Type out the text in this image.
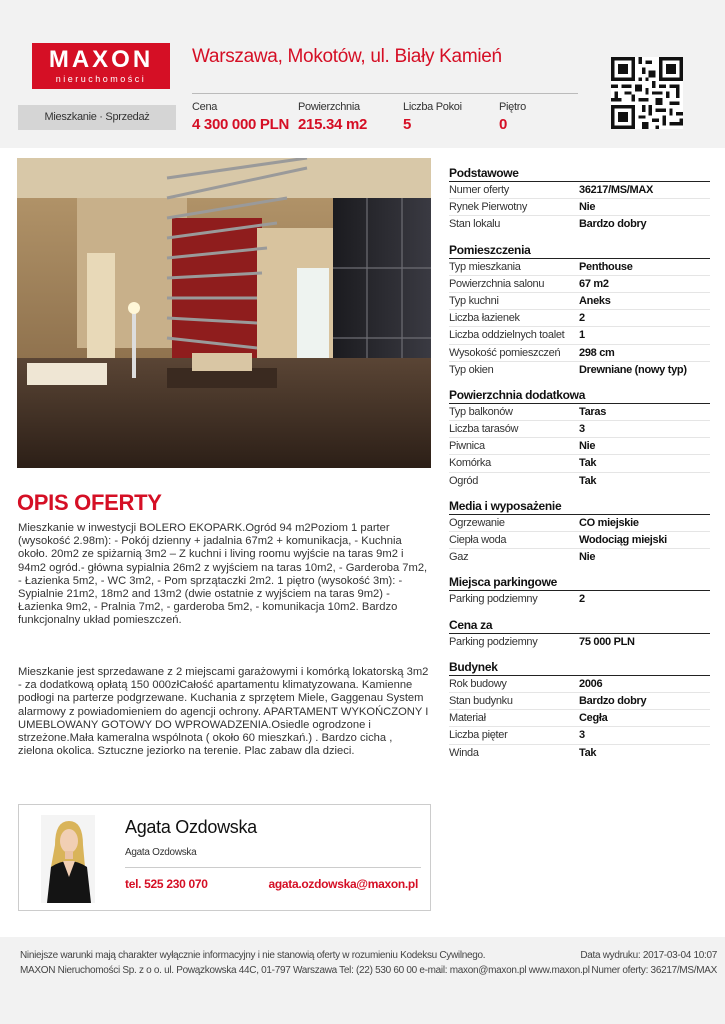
MAXON
nieruchomości
Warszawa, Mokotów, ul. Biały Kamień
Mieszkanie · Sprzedaż
Cena
4 300 000 PLN
Powierzchnia
215.34 m2
Liczba Pokoi
5
Piętro
0
OPIS OFERTY
Mieszkanie w inwestycji BOLERO EKOPARK.Ogród 94 m2Poziom 1 parter (wysokość 2.98m): - Pokój dzienny + jadalnia 67m2 + komunikacja, - Kuchnia około. 20m2 ze spiżarnią 3m2 – Z kuchni i living roomu wyjście na taras 9m2 i 94m2 ogród.- główna sypialnia 26m2 z wyjściem na taras 10m2, - Garderoba 7m2, - Łazienka 5m2, - WC 3m2, - Pom sprzątaczki 2m2. 1 piętro (wysokość 3m): - Sypialnie 21m2, 18m2 and 13m2 (dwie ostatnie z wyjściem na taras 9m2) - Łazienka 9m2, - Pralnia 7m2, - garderoba 5m2, - komunikacja 10m2. Bardzo funkcjonalny układ pomieszczeń.
Mieszkanie jest sprzedawane z 2 miejscami garażowymi i komórką lokatorską 3m2 - za dodatkową opłatą 150 000złCałość apartamentu klimatyzowana. Kamienne podłogi na parterze podgrzewane. Kuchania z sprzętem Miele, Gaggenau System alarmowy z powiadomieniem do agencji ochrony. APARTAMENT WYKOŃCZONY I UMEBLOWANY GOTOWY DO WPROWADZENIA.Osiedle ogrodzone i strzeżone.Mała kameralna wspólnota ( około 60 mieszkań.) . Bardzo cicha , zielona okolica. Sztuczne jeziorko na terenie. Plac zabaw dla dzieci.
Podstawowe
Numer oferty	36217/MS/MAX
Rynek Pierwotny	Nie
Stan lokalu	Bardzo dobry
Pomieszczenia
Typ mieszkania	Penthouse
Powierzchnia salonu	67 m2
Typ kuchni	Aneks
Liczba łazienek	2
Liczba oddzielnych toalet	1
Wysokość pomieszczeń	298 cm
Typ okien	Drewniane (nowy typ)
Powierzchnia dodatkowa
Typ balkonów	Taras
Liczba tarasów	3
Piwnica	Nie
Komórka	Tak
Ogród	Tak
Media i wyposażenie
Ogrzewanie	CO miejskie
Ciepła woda	Wodociąg miejski
Gaz	Nie
Miejsca parkingowe
Parking podziemny	2
Cena za
Parking podziemny	75 000 PLN
Budynek
Rok budowy	2006
Stan budynku	Bardzo dobry
Materiał	Cegła
Liczba pięter	3
Winda	Tak
Agata Ozdowska
Agata Ozdowska
tel. 525 230 070	agata.ozdowska@maxon.pl
Niniejsze warunki mają charakter wyłącznie informacyjny i nie stanowią oferty w rozumieniu Kodeksu Cywilnego.
MAXON Nieruchomości Sp. z o o. ul. Powązkowska 44C, 01-797 Warszawa Tel: (22) 530 60 00 e-mail: maxon@maxon.pl www.maxon.pl
Data wydruku: 2017-03-04 10:07
Numer oferty: 36217/MS/MAX
